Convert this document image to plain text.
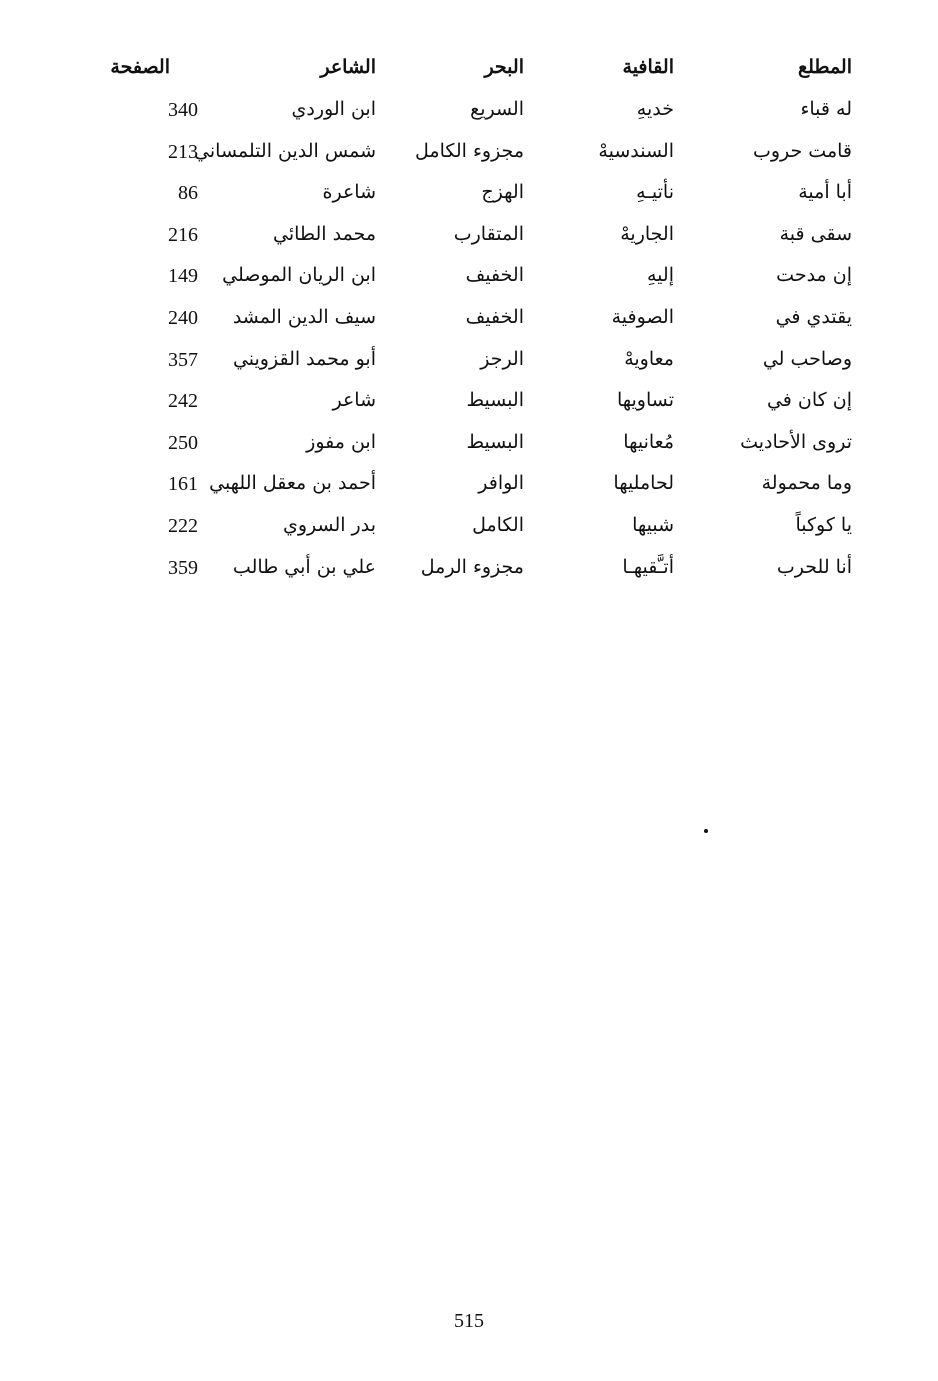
المطلع
القافية
البحر
الشاعر
الصفحة
له قباء
خديهِ
السريع
ابن الوردي
340
قامت حروب
السندسيهْ
مجزوء الكامل
شمس الدين التلمساني
213
أبا أمية
نأتيـهِ
الهزج
شاعرة
86
سقى قبة
الجاريهْ
المتقارب
محمد الطائي
216
إن مدحت
إليهِ
الخفيف
ابن الريان الموصلي
149
يقتدي في
الصوفية
الخفيف
سيف الدين المشد
240
وصاحب لي
معاويهْ
الرجز
أبو محمد القزويني
357
إن كان في
تساويها
البسيط
شاعر
242
تروى الأحاديث
مُعانيها
البسيط
ابن مفوز
250
وما محمولة
لحامليها
الوافر
أحمد بن معقل اللهبي
161
يا كوكباً
شبيها
الكامل
بدر السروي
222
أنا للحرب
أتـَّقيهـا
مجزوء الرمل
علي بن أبي طالب
359
515
